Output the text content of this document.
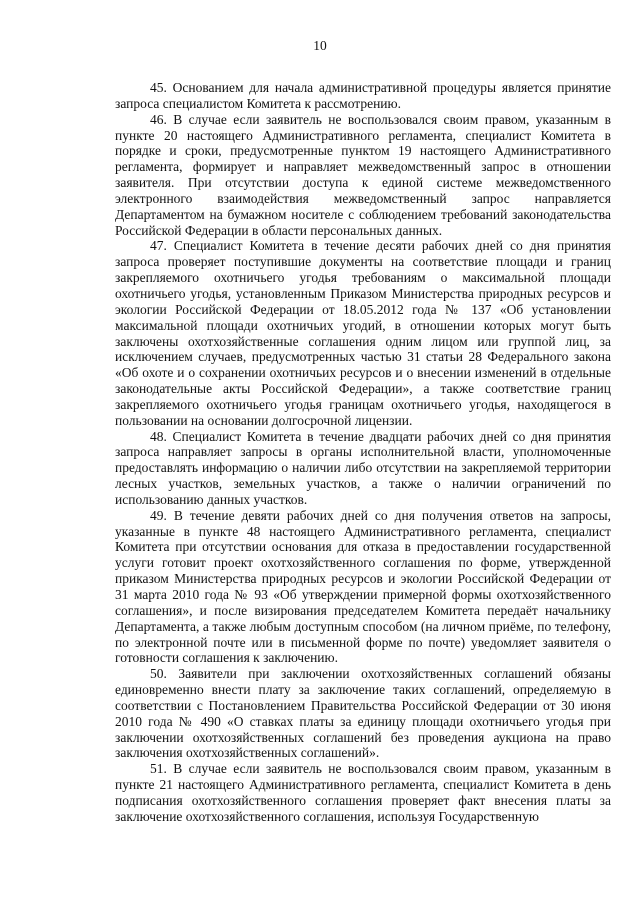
10

45. Основанием для начала административной процедуры является принятие запроса специалистом Комитета к рассмотрению.

46. В случае если заявитель не воспользовался своим правом, указанным в пункте 20 настоящего Административного регламента, специалист Комитета в порядке и сроки, предусмотренные пунктом 19 настоящего Административного регламента, формирует и направляет межведомственный запрос в отношении заявителя. При отсутствии доступа к единой системе межведомственного электронного взаимодействия межведомственный запрос направляется Департаментом на бумажном носителе с соблюдением требований законодательства Российской Федерации в области персональных данных.

47. Специалист Комитета в течение десяти рабочих дней со дня принятия запроса проверяет поступившие документы на соответствие площади и границ закрепляемого охотничьего угодья требованиям о максимальной площади охотничьего угодья, установленным Приказом Министерства природных ресурсов и экологии Российской Федерации от 18.05.2012 года № 137 «Об установлении максимальной площади охотничьих угодий, в отношении которых могут быть заключены охотхозяйственные соглашения одним лицом или группой лиц, за исключением случаев, предусмотренных частью 31 статьи 28 Федерального закона «Об охоте и о сохранении охотничьих ресурсов и о внесении изменений в отдельные законодательные акты Российской Федерации», а также соответствие границ закрепляемого охотничьего угодья границам охотничьего угодья, находящегося в пользовании на основании долгосрочной лицензии.

48. Специалист Комитета в течение двадцати рабочих дней со дня принятия запроса направляет запросы в органы исполнительной власти, уполномоченные предоставлять информацию о наличии либо отсутствии на закрепляемой территории лесных участков, земельных участков, а также о наличии ограничений по использованию данных участков.

49. В течение девяти рабочих дней со дня получения ответов на запросы, указанные в пункте 48 настоящего Административного регламента, специалист Комитета при отсутствии основания для отказа в предоставлении государственной услуги готовит проект охотхозяйственного соглашения по форме, утвержденной приказом Министерства природных ресурсов и экологии Российской Федерации от 31 марта 2010 года № 93 «Об утверждении примерной формы охотхозяйственного соглашения», и после визирования председателем Комитета передаёт начальнику Департамента, а также любым доступным способом (на личном приёме, по телефону, по электронной почте или в письменной форме по почте) уведомляет заявителя о готовности соглашения к заключению.

50. Заявители при заключении охотхозяйственных соглашений обязаны единовременно внести плату за заключение таких соглашений, определяемую в соответствии с Постановлением Правительства Российской Федерации от 30 июня 2010 года № 490 «О ставках платы за единицу площади охотничьего угодья при заключении охотхозяйственных соглашений без проведения аукциона на право заключения охотхозяйственных соглашений».

51. В случае если заявитель не воспользовался своим правом, указанным в пункте 21 настоящего Административного регламента, специалист Комитета в день подписания охотхозяйственного соглашения проверяет факт внесения платы за заключение охотхозяйственного соглашения, используя Государственную
